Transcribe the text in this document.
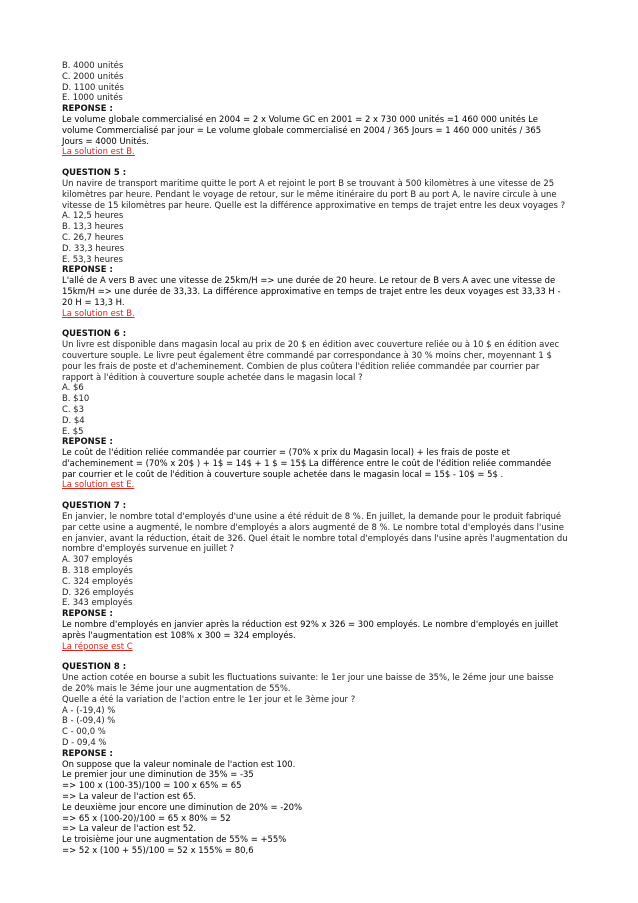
B. 4000 unités
C. 2000 unités
D. 1100 unités
E. 1000 unités
REPONSE :
Le volume globale commercialisé en 2004 = 2 x Volume GC en 2001 = 2 x 730 000 unités =1 460 000 unités Le
volume Commercialisé par jour = Le volume globale commercialisé en 2004 / 365 Jours = 1 460 000 unités / 365
Jours = 4000 Unités.
La solution est B.
QUESTION 5 :
Un navire de transport maritime quitte le port A et rejoint le port B se trouvant à 500 kilomètres à une vitesse de 25
kilomètres par heure. Pendant le voyage de retour, sur le même itinéraire du port B au port A, le navire circule à une
vitesse de 15 kilomètres par heure. Quelle est la différence approximative en temps de trajet entre les deux voyages ?
A. 12,5 heures
B. 13,3 heures
C. 26,7 heures
D. 33,3 heures
E. 53,3 heures
REPONSE :
L'allé de A vers B avec une vitesse de 25km/H => une durée de 20 heure. Le retour de B vers A avec une vitesse de
15km/H => une durée de 33,33. La différence approximative en temps de trajet entre les deux voyages est 33,33 H -
20 H = 13,3 H.
La solution est B.
QUESTION 6 :
Un livre est disponible dans magasin local au prix de 20 $ en édition avec couverture reliée ou à 10 $ en édition avec
couverture souple. Le livre peut également être commandé par correspondance à 30 % moins cher, moyennant 1 $
pour les frais de poste et d'acheminement. Combien de plus coûtera l'édition reliée commandée par courrier par
rapport à l'édition à couverture souple achetée dans le magasin local ?
A. $6
B. $10
C. $3
D. $4
E. $5
REPONSE :
Le coût de l'édition reliée commandée par courrier = (70% x prix du Magasin local) + les frais de poste et
d'acheminement = (70% x 20$ ) + 1$ = 14$ + 1 $ = 15$ La différence entre le coût de l'édition reliée commandée
par courrier et le coût de l'édition à couverture souple achetée dans le magasin local = 15$ - 10$ = 5$ .
La solution est E.
QUESTION 7 :
En janvier, le nombre total d'employés d'une usine a été réduit de 8 %. En juillet, la demande pour le produit fabriqué
par cette usine a augmenté, le nombre d'employés a alors augmenté de 8 %. Le nombre total d'employés dans l'usine
en janvier, avant la réduction, était de 326. Quel était le nombre total d'employés dans l'usine après l'augmentation du
nombre d'employés survenue en juillet ?
A. 307 employés
B. 318 employés
C. 324 employés
D. 326 employés
E. 343 employés
REPONSE :
Le nombre d'employés en janvier après la réduction est 92% x 326 = 300 employés. Le nombre d'employés en juillet
après l'augmentation est 108% x 300 = 324 employés.
La réponse est C
QUESTION 8 :
Une action cotée en bourse a subit les fluctuations suivante: le 1er jour une baisse de 35%, le 2éme jour une baisse
de 20% mais le 3éme jour une augmentation de 55%.
Quelle a été la variation de l'action entre le 1er jour et le 3ème jour ?
A - (-19,4) %
B - (-09,4) %
C - 00,0 %
D - 09,4 %
REPONSE :
On suppose que la valeur nominale de l'action est 100.
Le premier jour une diminution de 35% = -35
=> 100 x (100-35)/100 = 100 x 65% = 65
=> La valeur de l'action est 65.
Le deuxième jour encore une diminution de 20% = -20%
=> 65 x (100-20)/100 = 65 x 80% = 52
=> La valeur de l'action est 52.
Le troisième jour une augmentation de 55% = +55%
=> 52 x (100 + 55)/100 = 52 x 155% = 80,6
